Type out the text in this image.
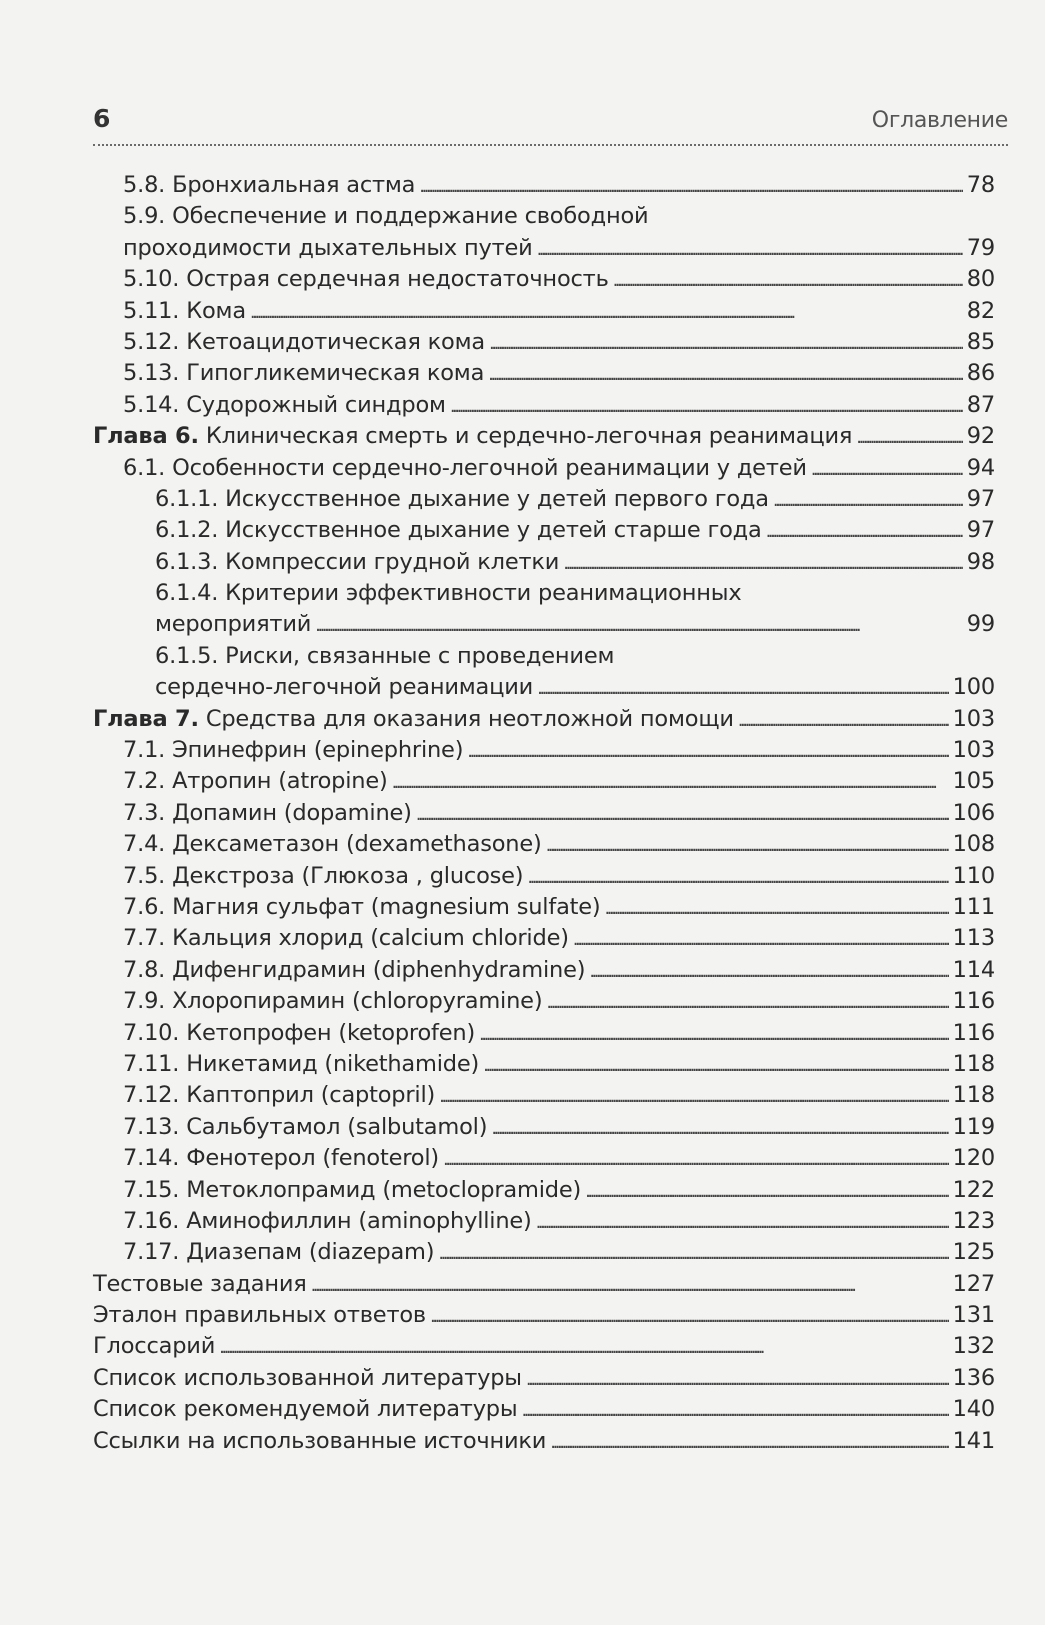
6	Оглавление
5.8. Бронхиальная астма . . .	78
5.9. Обеспечение и поддержание свободной
проходимости дыхательных путей . . .	79
5.10. Острая сердечная недостаточность . . .	80
5.11. Кома . . .	82
5.12. Кетоацидотическая кома . . .	85
5.13. Гипогликемическая кома . . .	86
5.14. Судорожный синдром . . .	87
Глава 6.
Клиническая смерть и сердечно-легочная реанимация . . .	92
6.1. Особенности сердечно-легочной реанимации у детей . . .	94
6.1.1. Искусственное дыхание у детей первого года . . .	97
6.1.2. Искусственное дыхание у детей старше года . . .	97
6.1.3. Компрессии грудной клетки . . .	98
6.1.4. Критерии эффективности реанимационных
мероприятий . . .	99
6.1.5. Риски, связанные с проведением
сердечно-легочной реанимации . . .	100
Глава 7.
Средства для оказания неотложной помощи . . .	103
7.1. Эпинефрин (epinephrine) . . .	103
7.2. Атропин (atropine) . . .	105
7.3. Допамин (dopamine) . . .	106
7.4. Дексаметазон (dexamethasone) . . .	108
7.5. Декстроза (Глюкоза , glucose) . . .	110
7.6. Магния сульфат (magnesium sulfate) . . .	111
7.7. Кальция хлорид (calcium chloride) . . .	113
7.8. Дифенгидрамин (diphenhydramine) . . .	114
7.9. Хлоропирамин (chloropyramine) . . .	116
7.10. Кетопрофен (ketoprofen) . . .	116
7.11. Никетамид (nikethamide) . . .	118
7.12. Каптоприл (captopril) . . .	118
7.13. Сальбутамол (salbutamol) . . .	119
7.14. Фенотерол (fenoterol) . . .	120
7.15. Метоклопрамид (metoclopramide) . . .	122
7.16. Аминофиллин (aminophylline) . . .	123
7.17. Диазепам (diazepam) . . .	125
Тестовые задания . . .	127
Эталон правильных ответов . . .	131
Глоссарий . . .	132
Список использованной литературы . . .	136
Список рекомендуемой литературы . . .	140
Ссылки на использованные источники . . .	141
